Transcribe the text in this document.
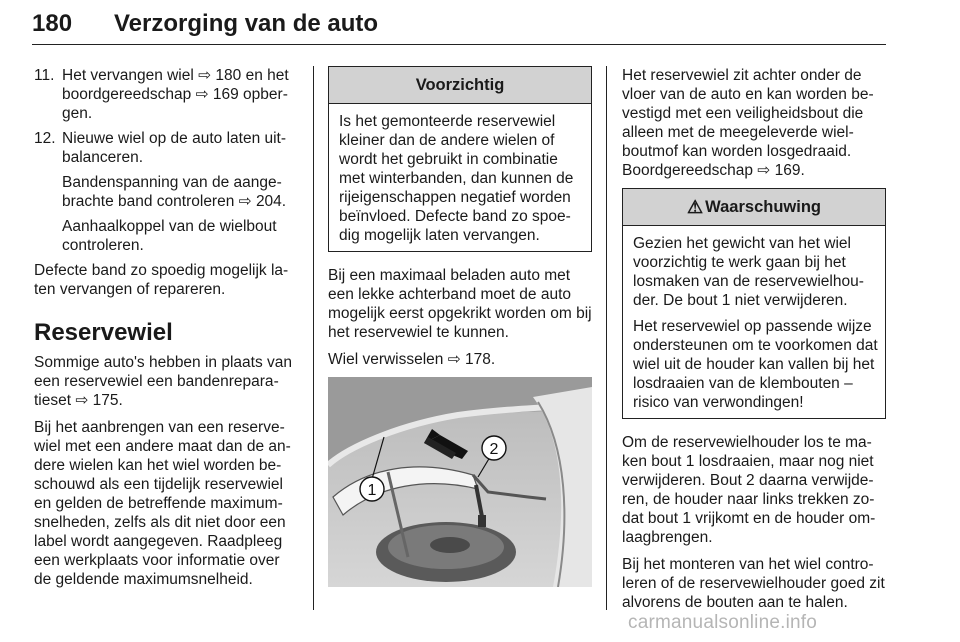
180 Verzorging van de auto
11. Het vervangen wiel ⇨ 180 en het boordgereedschap ⇨ 169 opbergen.
12. Nieuwe wiel op de auto laten uitbalanceren.
Bandenspanning van de aangebrachte band controleren ⇨ 204.
Aanhaalkoppel van de wielbout controleren.

Defecte band zo spoedig mogelijk laten vervangen of repareren.

Reservewiel

Sommige auto's hebben in plaats van een reservewiel een bandenreparatieset ⇨ 175.

Bij het aanbrengen van een reservewiel met een andere maat dan de andere wielen kan het wiel worden beschouwd als een tijdelijk reservewiel en gelden de betreffende maximumsnelheden, zelfs als dit niet door een label wordt aangegeven. Raadpleeg een werkplaats voor informatie over de geldende maximumsnelheid.

Voorzichtig

Is het gemonteerde reservewiel kleiner dan de andere wielen of wordt het gebruikt in combinatie met winterbanden, dan kunnen de rijeigenschappen negatief worden beïnvloed. Defecte band zo spoedig mogelijk laten vervangen.

Bij een maximaal beladen auto met een lekke achterband moet de auto mogelijk eerst opgekrikt worden om bij het reservewiel te kunnen.

Wiel verwisselen ⇨ 178.

1
2

Het reservewiel zit achter onder de vloer van de auto en kan worden bevestigd met een veiligheidsbout die alleen met de meegeleverde wielboutmof kan worden losgedraaid. Boordgereedschap ⇨ 169.

⚠ Waarschuwing

Gezien het gewicht van het wiel voorzichtig te werk gaan bij het losmaken van de reservewielhouder. De bout 1 niet verwijderen.

Het reservewiel op passende wijze ondersteunen om te voorkomen dat wiel uit de houder kan vallen bij het losdraaien van de klembouten – risico van verwondingen!

Om de reservewielhouder los te maken bout 1 losdraaien, maar nog niet verwijderen. Bout 2 daarna verwijderen, de houder naar links trekken zodat bout 1 vrijkomt en de houder omlaagbrengen.

Bij het monteren van het wiel controleren of de reservewielhouder goed zit alvorens de bouten aan te halen.

carmanualsonline.info
